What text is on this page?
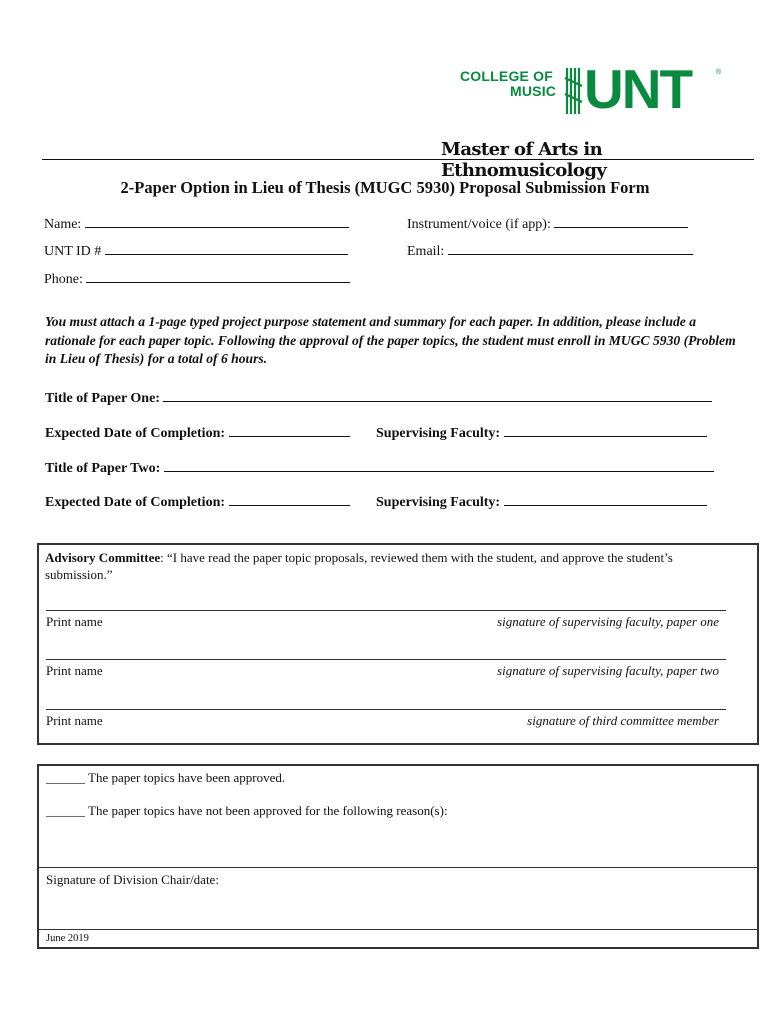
COLLEGE OF
MUSIC UNT	®
Master of Arts in Ethnomusicology
2-Paper Option in Lieu of Thesis (MUGC 5930) Proposal Submission Form
Name:	Instrument/voice (if app):
UNT ID #	Email:
Phone:
You must attach a 1-page typed project purpose statement and summary for each paper. In addition, please include a rationale for each paper topic. Following the approval of the paper topics, the student must enroll in MUGC 5930 (Problem in Lieu of Thesis) for a total of 6 hours.
Title of Paper One:
Expected Date of Completion:	Supervising Faculty:
Title of Paper Two:
Expected Date of Completion:	Supervising Faculty:
Advisory Committee: “I have read the paper topic proposals, reviewed them with the student, and approve the student’s submission.”
Print name	signature of supervising faculty, paper one
Print name	signature of supervising faculty, paper two
Print name	signature of third committee member
______ The paper topics have been approved.
______ The paper topics have not been approved for the following reason(s):
Signature of Division Chair/date:
June 2019
